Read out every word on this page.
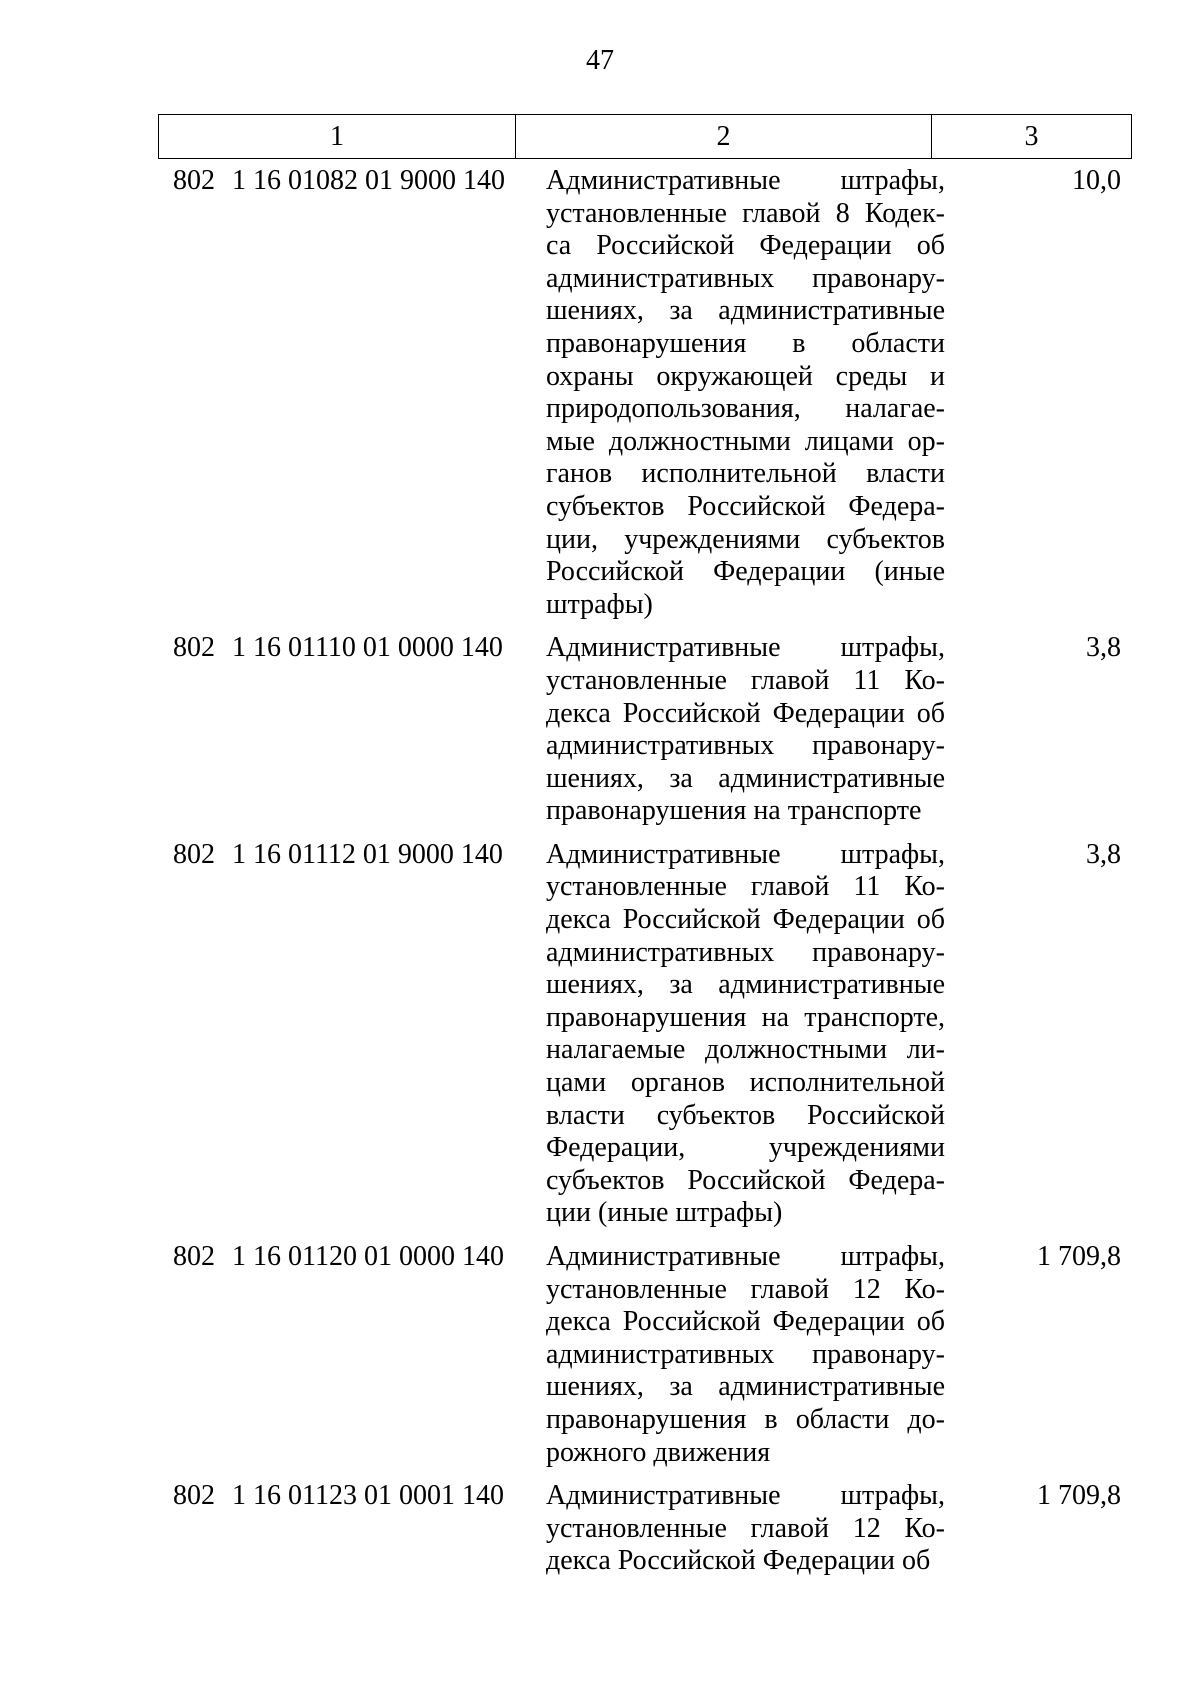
47
1	2	3
802 1 16 01082 01 9000 140	Административные штрафы,
установленные главой 8 Кодек-
са Российской Федерации об
административных правонару-
шениях, за административные
правонарушения в области
охраны окружающей среды и
природопользования, налагае-
мые должностными лицами ор-
ганов исполнительной власти
субъектов Российской Федера-
ции, учреждениями субъектов
Российской Федерации (иные
штрафы)
10,0
802 1 16 01110 01 0000 140	Административные штрафы,
установленные главой 11 Ко-
декса Российской Федерации об
административных правонару-
шениях, за административные
правонарушения на транспорте
3,8
802 1 16 01112 01 9000 140	Административные штрафы,
установленные главой 11 Ко-
декса Российской Федерации об
административных правонару-
шениях, за административные
правонарушения на транспорте,
налагаемые должностными ли-
цами органов исполнительной
власти субъектов Российской
Федерации, учреждениями
субъектов Российской Федера-
ции (иные штрафы)
3,8
802 1 16 01120 01 0000 140	Административные штрафы,
установленные главой 12 Ко-
декса Российской Федерации об
административных правонару-
шениях, за административные
правонарушения в области до-
рожного движения
1 709,8
802 1 16 01123 01 0001 140	Административные штрафы,
установленные главой 12 Ко-
декса Российской Федерации об
1 709,8
